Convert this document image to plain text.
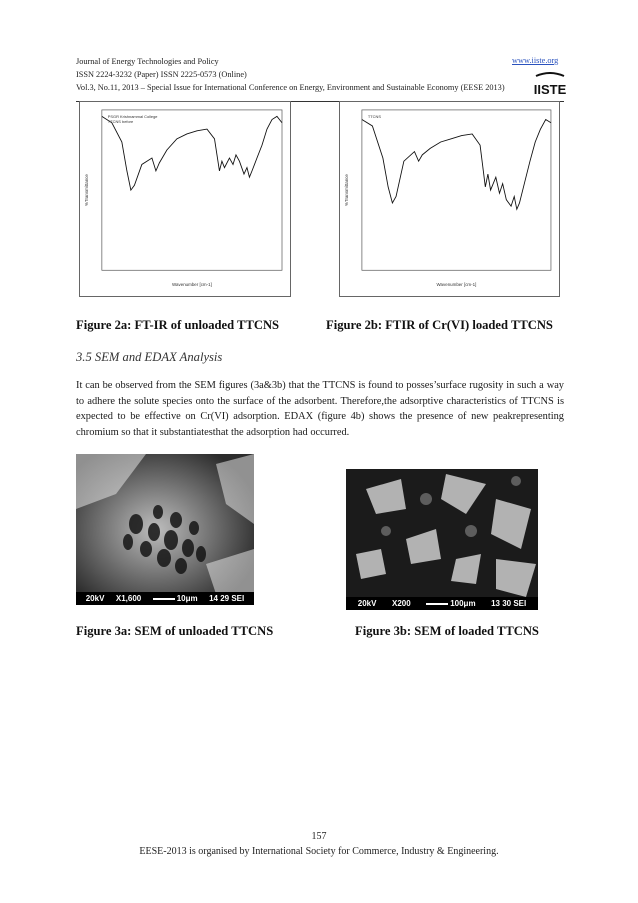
Journal of Energy Technologies and Policy
ISSN 2224-3232 (Paper) ISSN 2225-0573 (Online)
Vol.3, No.11, 2013 – Special Issue for International Conference on Energy, Environment and Sustainable Economy (EESE 2013)
www.iiste.org
IISTE
%Transmittance
Wavenumber [cm-1]
PSGR Krishnammal College
TTCNS before
%Transmittance
Wavenumber [cm-1]
TTCNS
Figure 2a: FT-IR of unloaded TTCNS	Figure 2b: FTIR of Cr(VI) loaded TTCNS
3.5 SEM and EDAX Analysis
It can be observed from the SEM figures (3a&3b) that the TTCNS is found to posses’surface rugosity in such a way to adhere the solute species onto the surface of the adsorbent. Therefore,the adsorptive characteristics of TTCNS is expected to be effective on Cr(VI) adsorption. EDAX (figure 4b) shows the presence of new peakrepresenting chromium so that it substantiatesthat the adsorption had occurred.
20kV X1,600	10μm 14 29 SEI
20kV X200	100μm 13 30 SEI
Figure 3a: SEM of unloaded TTCNS	Figure 3b: SEM of loaded TTCNS
157
EESE-2013 is organised by International Society for Commerce, Industry & Engineering.
